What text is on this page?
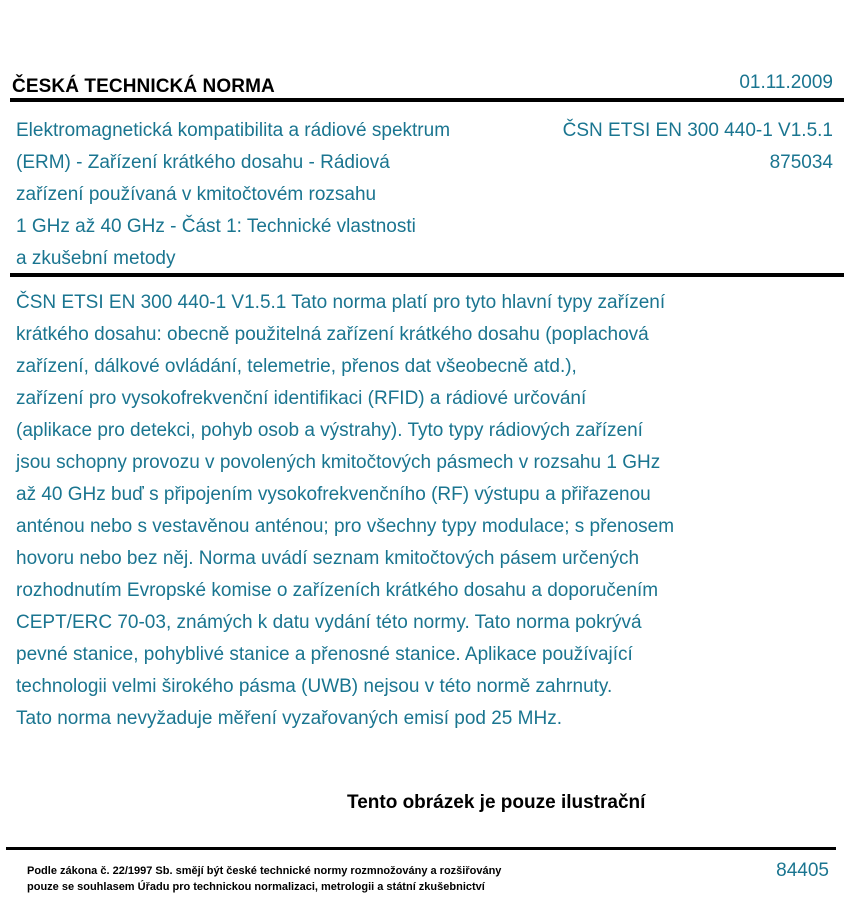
ČESKÁ TECHNICKÁ NORMA	01.11.2009
Elektromagnetická kompatibilita a rádiové spektrum
(ERM) - Zařízení krátkého dosahu - Rádiová
zařízení používaná v kmitočtovém rozsahu
1 GHz až 40 GHz - Část 1: Technické vlastnosti
a zkušební metody
ČSN ETSI EN 300 440-1 V1.5.1
875034
ČSN ETSI EN 300 440-1 V1.5.1 Tato norma platí pro tyto hlavní typy zařízení
krátkého dosahu: obecně použitelná zařízení krátkého dosahu (poplachová
zařízení, dálkové ovládání, telemetrie, přenos dat všeobecně atd.),
zařízení pro vysokofrekvenční identifikaci (RFID) a rádiové určování
(aplikace pro detekci, pohyb osob a výstrahy). Tyto typy rádiových zařízení
jsou schopny provozu v povolených kmitočtových pásmech v rozsahu 1 GHz
až 40 GHz buď s připojením vysokofrekvenčního (RF) výstupu a přiřazenou
anténou nebo s vestavěnou anténou; pro všechny typy modulace; s přenosem
hovoru nebo bez něj. Norma uvádí seznam kmitočtových pásem určených
rozhodnutím Evropské komise o zařízeních krátkého dosahu a doporučením
CEPT/ERC 70-03, známých k datu vydání této normy. Tato norma pokrývá
pevné stanice, pohyblivé stanice a přenosné stanice. Aplikace používající
technologii velmi širokého pásma (UWB) nejsou v této normě zahrnuty.
Tato norma nevyžaduje měření vyzařovaných emisí pod 25 MHz.
Tento obrázek je pouze ilustrační
Podle zákona č. 22/1997 Sb. smějí být české technické normy rozmnožovány a rozšiřovány
pouze se souhlasem Úřadu pro technickou normalizaci, metrologii a státní zkušebnictví
84405
